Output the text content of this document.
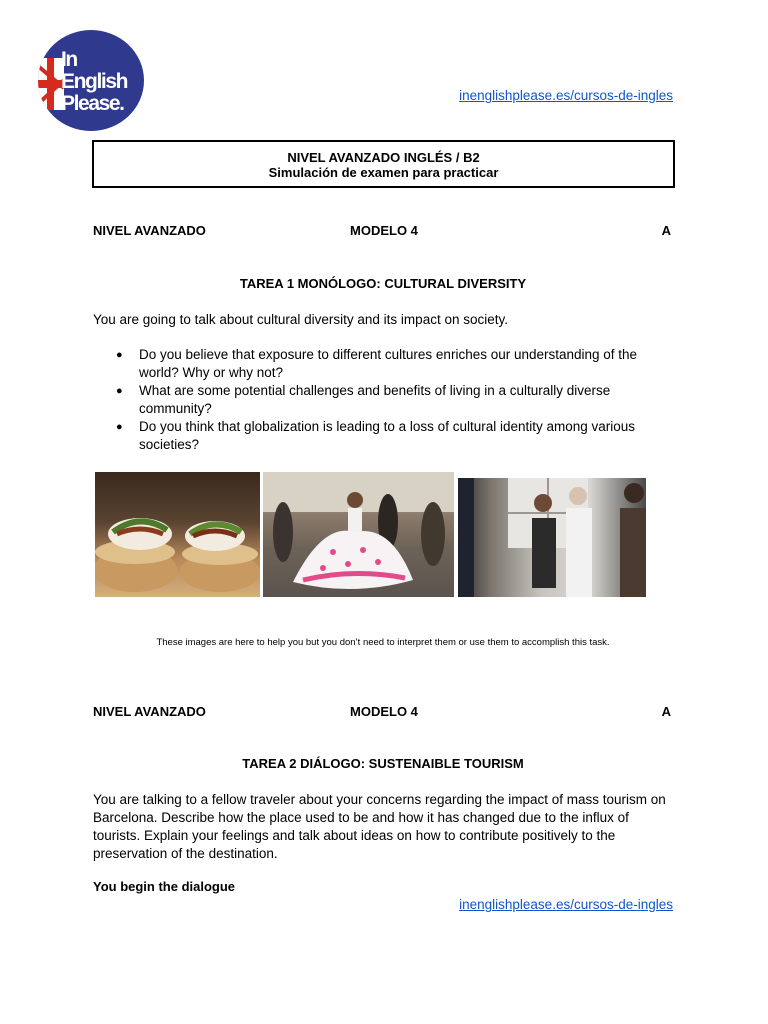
In
English
Please.	inenglishplease.es/cursos-de-ingles
NIVEL AVANZADO INGLÉS / B2
Simulación de examen para practicar
NIVEL AVANZADO	MODELO 4	A
TAREA 1 MONÓLOGO: CULTURAL DIVERSITY
You are going to talk about cultural diversity and its impact on society.
● Do you believe that exposure to different cultures enriches our understanding of the world? Why or why not?
● What are some potential challenges and benefits of living in a culturally diverse community?
● Do you think that globalization is leading to a loss of cultural identity among various societies?
These images are here to help you but you don’t need to interpret them or use them to accomplish this task.
NIVEL AVANZADO	MODELO 4	A
TAREA 2 DIÁLOGO: SUSTENAIBLE TOURISM
You are talking to a fellow traveler about your concerns regarding the impact of mass tourism on Barcelona. Describe how the place used to be and how it has changed due to the influx of tourists. Explain your feelings and talk about ideas on how to contribute positively to the preservation of the destination.
You begin the dialogue
inenglishplease.es/cursos-de-ingles
